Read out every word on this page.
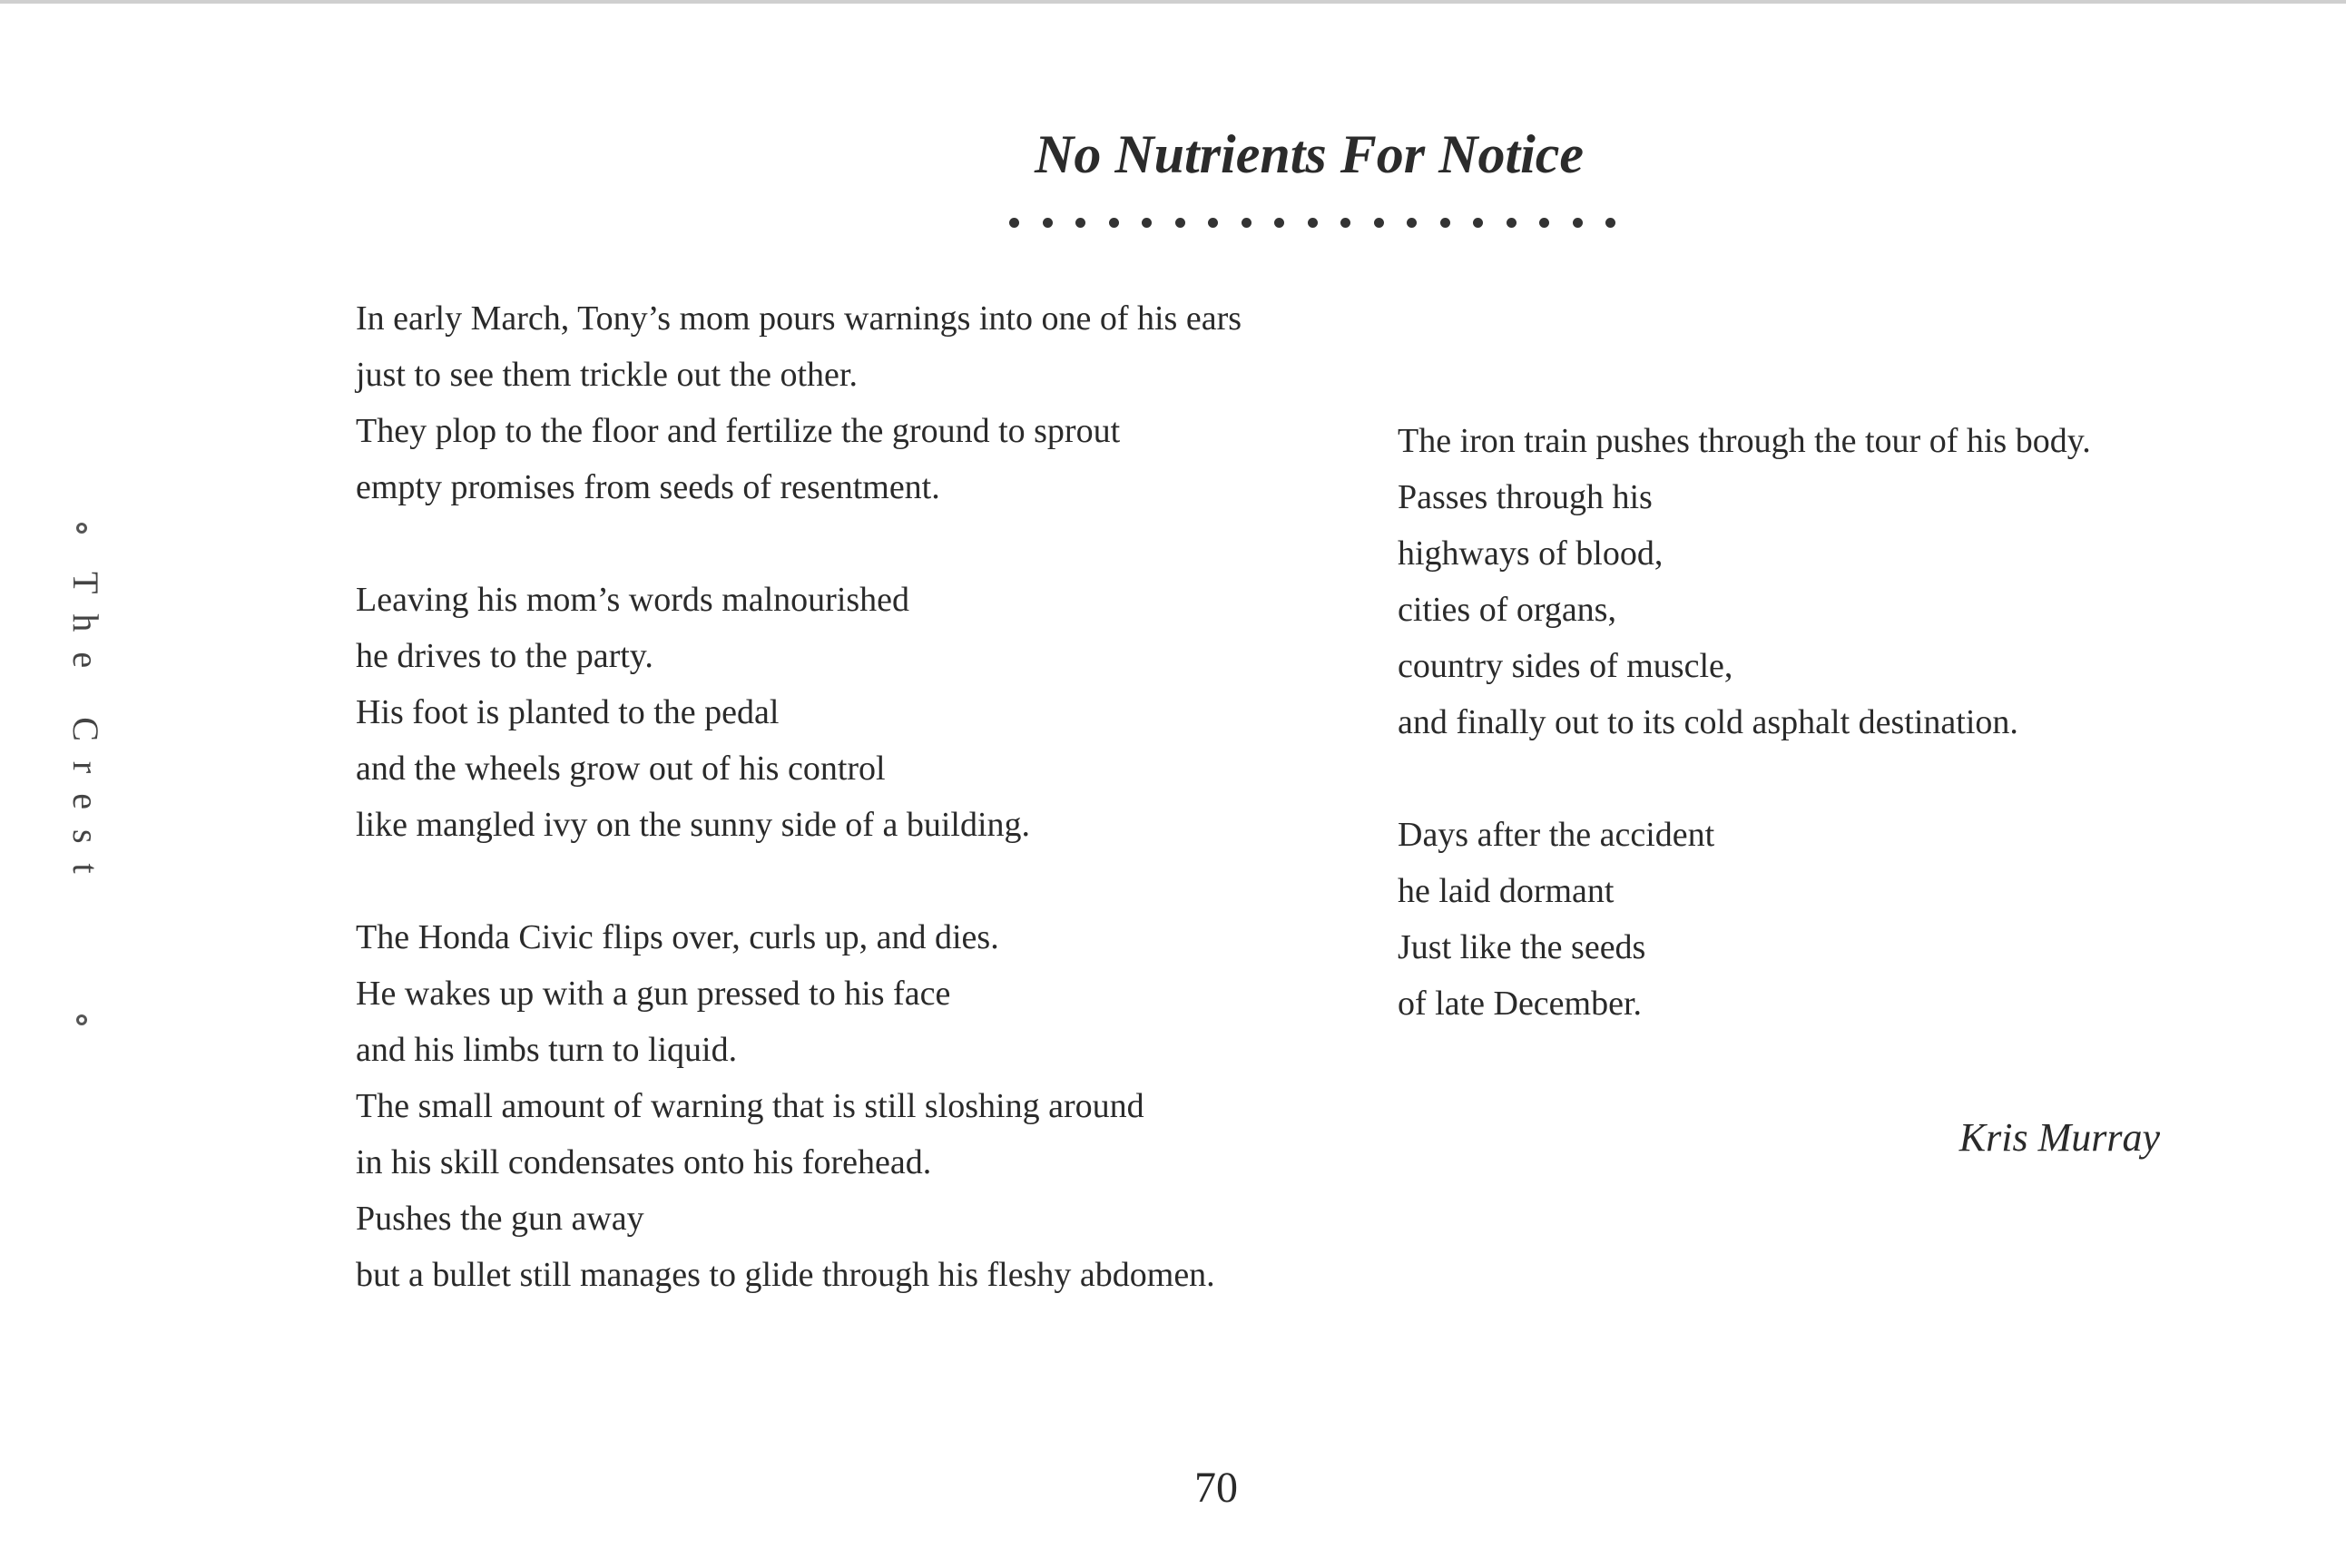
No Nutrients For Notice
The Crest
In early March, Tony’s mom pours warnings into one of his ears
just to see them trickle out the other.
They plop to the floor and fertilize the ground to sprout
empty promises from seeds of resentment.
Leaving his mom’s words malnourished
he drives to the party.
His foot is planted to the pedal
and the wheels grow out of his control
like mangled ivy on the sunny side of a building.
The Honda Civic flips over, curls up, and dies.
He wakes up with a gun pressed to his face
and his limbs turn to liquid.
The small amount of warning that is still sloshing around
in his skill condensates onto his forehead.
Pushes the gun away
but a bullet still manages to glide through his fleshy abdomen.
The iron train pushes through the tour of his body.
Passes through his
highways of blood,
cities of organs,
country sides of muscle,
and finally out to its cold asphalt destination.
Days after the accident
he laid dormant
Just like the seeds
of late December.
Kris Murray
70
